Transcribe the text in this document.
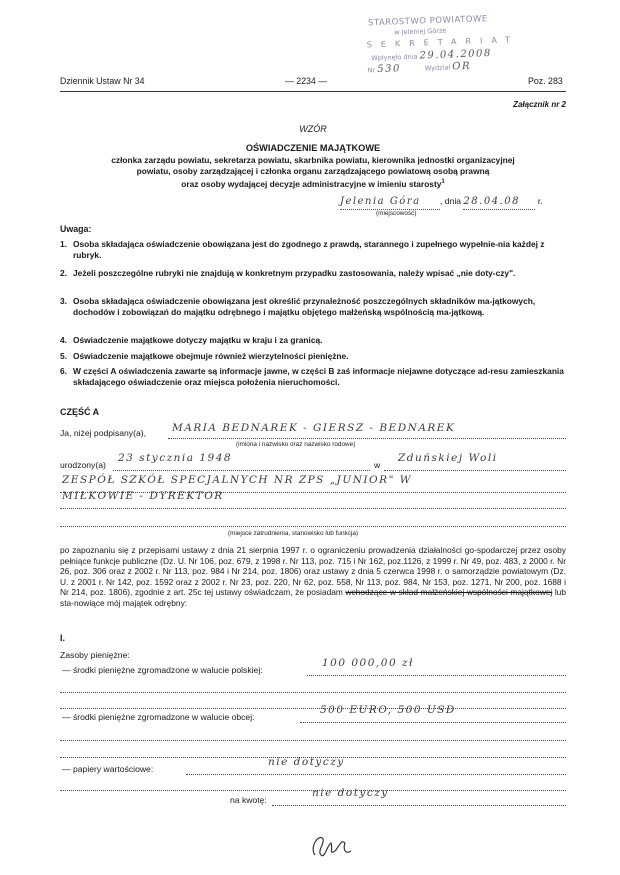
STAROSTWO POWIATOWE
w Jeleniej Górze
SEKRETARIAT
Wpłynęło dnia 29.04.2008
Nr 530	Wydział OR
Dziennik Ustaw Nr 34	— 2234 —	Poz. 283
Załącznik nr 2
WZÓR
OŚWIADCZENIE MAJĄTKOWE
członka zarządu powiatu, sekretarza powiatu, skarbnika powiatu, kierownika jednostki organizacyjnej
powiatu, osoby zarządzającej i członka organu zarządzającego powiatową osobą prawną
oraz osoby wydającej decyzje administracyjne w imieniu starosty$^1$
Jelenia Góra , dnia 28.04.08 r.
(miejscowość)
Uwaga:
1. Osoba składająca oświadczenie obowiązana jest do zgodnego z prawdą, starannego i zupełnego wypełnie-nia każdej z rubryk.
2. Jeżeli poszczególne rubryki nie znajdują w konkretnym przypadku zastosowania, należy wpisać „nie doty-czy".
3. Osoba składająca oświadczenie obowiązana jest określić przynależność poszczególnych składników ma-jątkowych, dochodów i zobowiązań do majątku odrębnego i majątku objętego małżeńską wspólnością ma-jątkową.
4. Oświadczenie majątkowe dotyczy majątku w kraju i za granicą.
5. Oświadczenie majątkowe obejmuje również wierzytelności pieniężne.
6. W części A oświadczenia zawarte są informacje jawne, w części B zaś informacje niejawne dotyczące ad-resu zamieszkania składającego oświadczenie oraz miejsca położenia nieruchomości.
CZĘŚĆ A
Ja, niżej podpisany(a), MARIA BEDNAREK - GIERSZ - BEDNAREK
(imiona i nazwisko oraz nazwisko rodowe)
urodzony(a)
23 stycznia 1948
w
Zduńskiej Woli
ZESPÓŁ SZKÓŁ SPECJALNYCH NR ZPS „JUNIOR" W
MIŁKOWIE - DYREKTOR
(miejsce zatrudnienia, stanowisko lub funkcja)
po zapoznaniu się z przepisami ustawy z dnia 21 sierpnia 1997 r. o ograniczeniu prowadzenia działalności go-spodarczej przez osoby pełniące funkcje publiczne (Dz. U. Nr 106, poz. 679, z 1998 r. Nr 113, poz. 715 i Nr 162, poz.1126, z 1999 r. Nr 49, poz. 483, z 2000 r. Nr 26, poz. 306 oraz z 2002 r. Nr 113, poz. 984 i Nr 214, poz. 1806) oraz ustawy z dnia 5 czerwca 1998 r. o samorządzie powiatowym (Dz. U. z 2001 r. Nr 142, poz. 1592 oraz z 2002 r. Nr 23, poz. 220, Nr 62, poz. 558, Nr 113, poz. 984, Nr 153, poz. 1271, Nr 200, poz. 1688 i Nr 214, poz. 1806), zgodnie z art. 25c tej ustawy oświadczam, że posiadam wchodzące w skład małżeńskiej wspólności majątkowej lub sta-nowiące mój majątek odrębny:
I.
Zasoby pieniężne:
— środki pieniężne zgromadzone w walucie polskiej:
100 000,00 zł
— środki pieniężne zgromadzone w walucie obcej:
500 EURO, 500 USD
— papiery wartościowe:
nie dotyczy
na kwotę:
nie dotyczy
